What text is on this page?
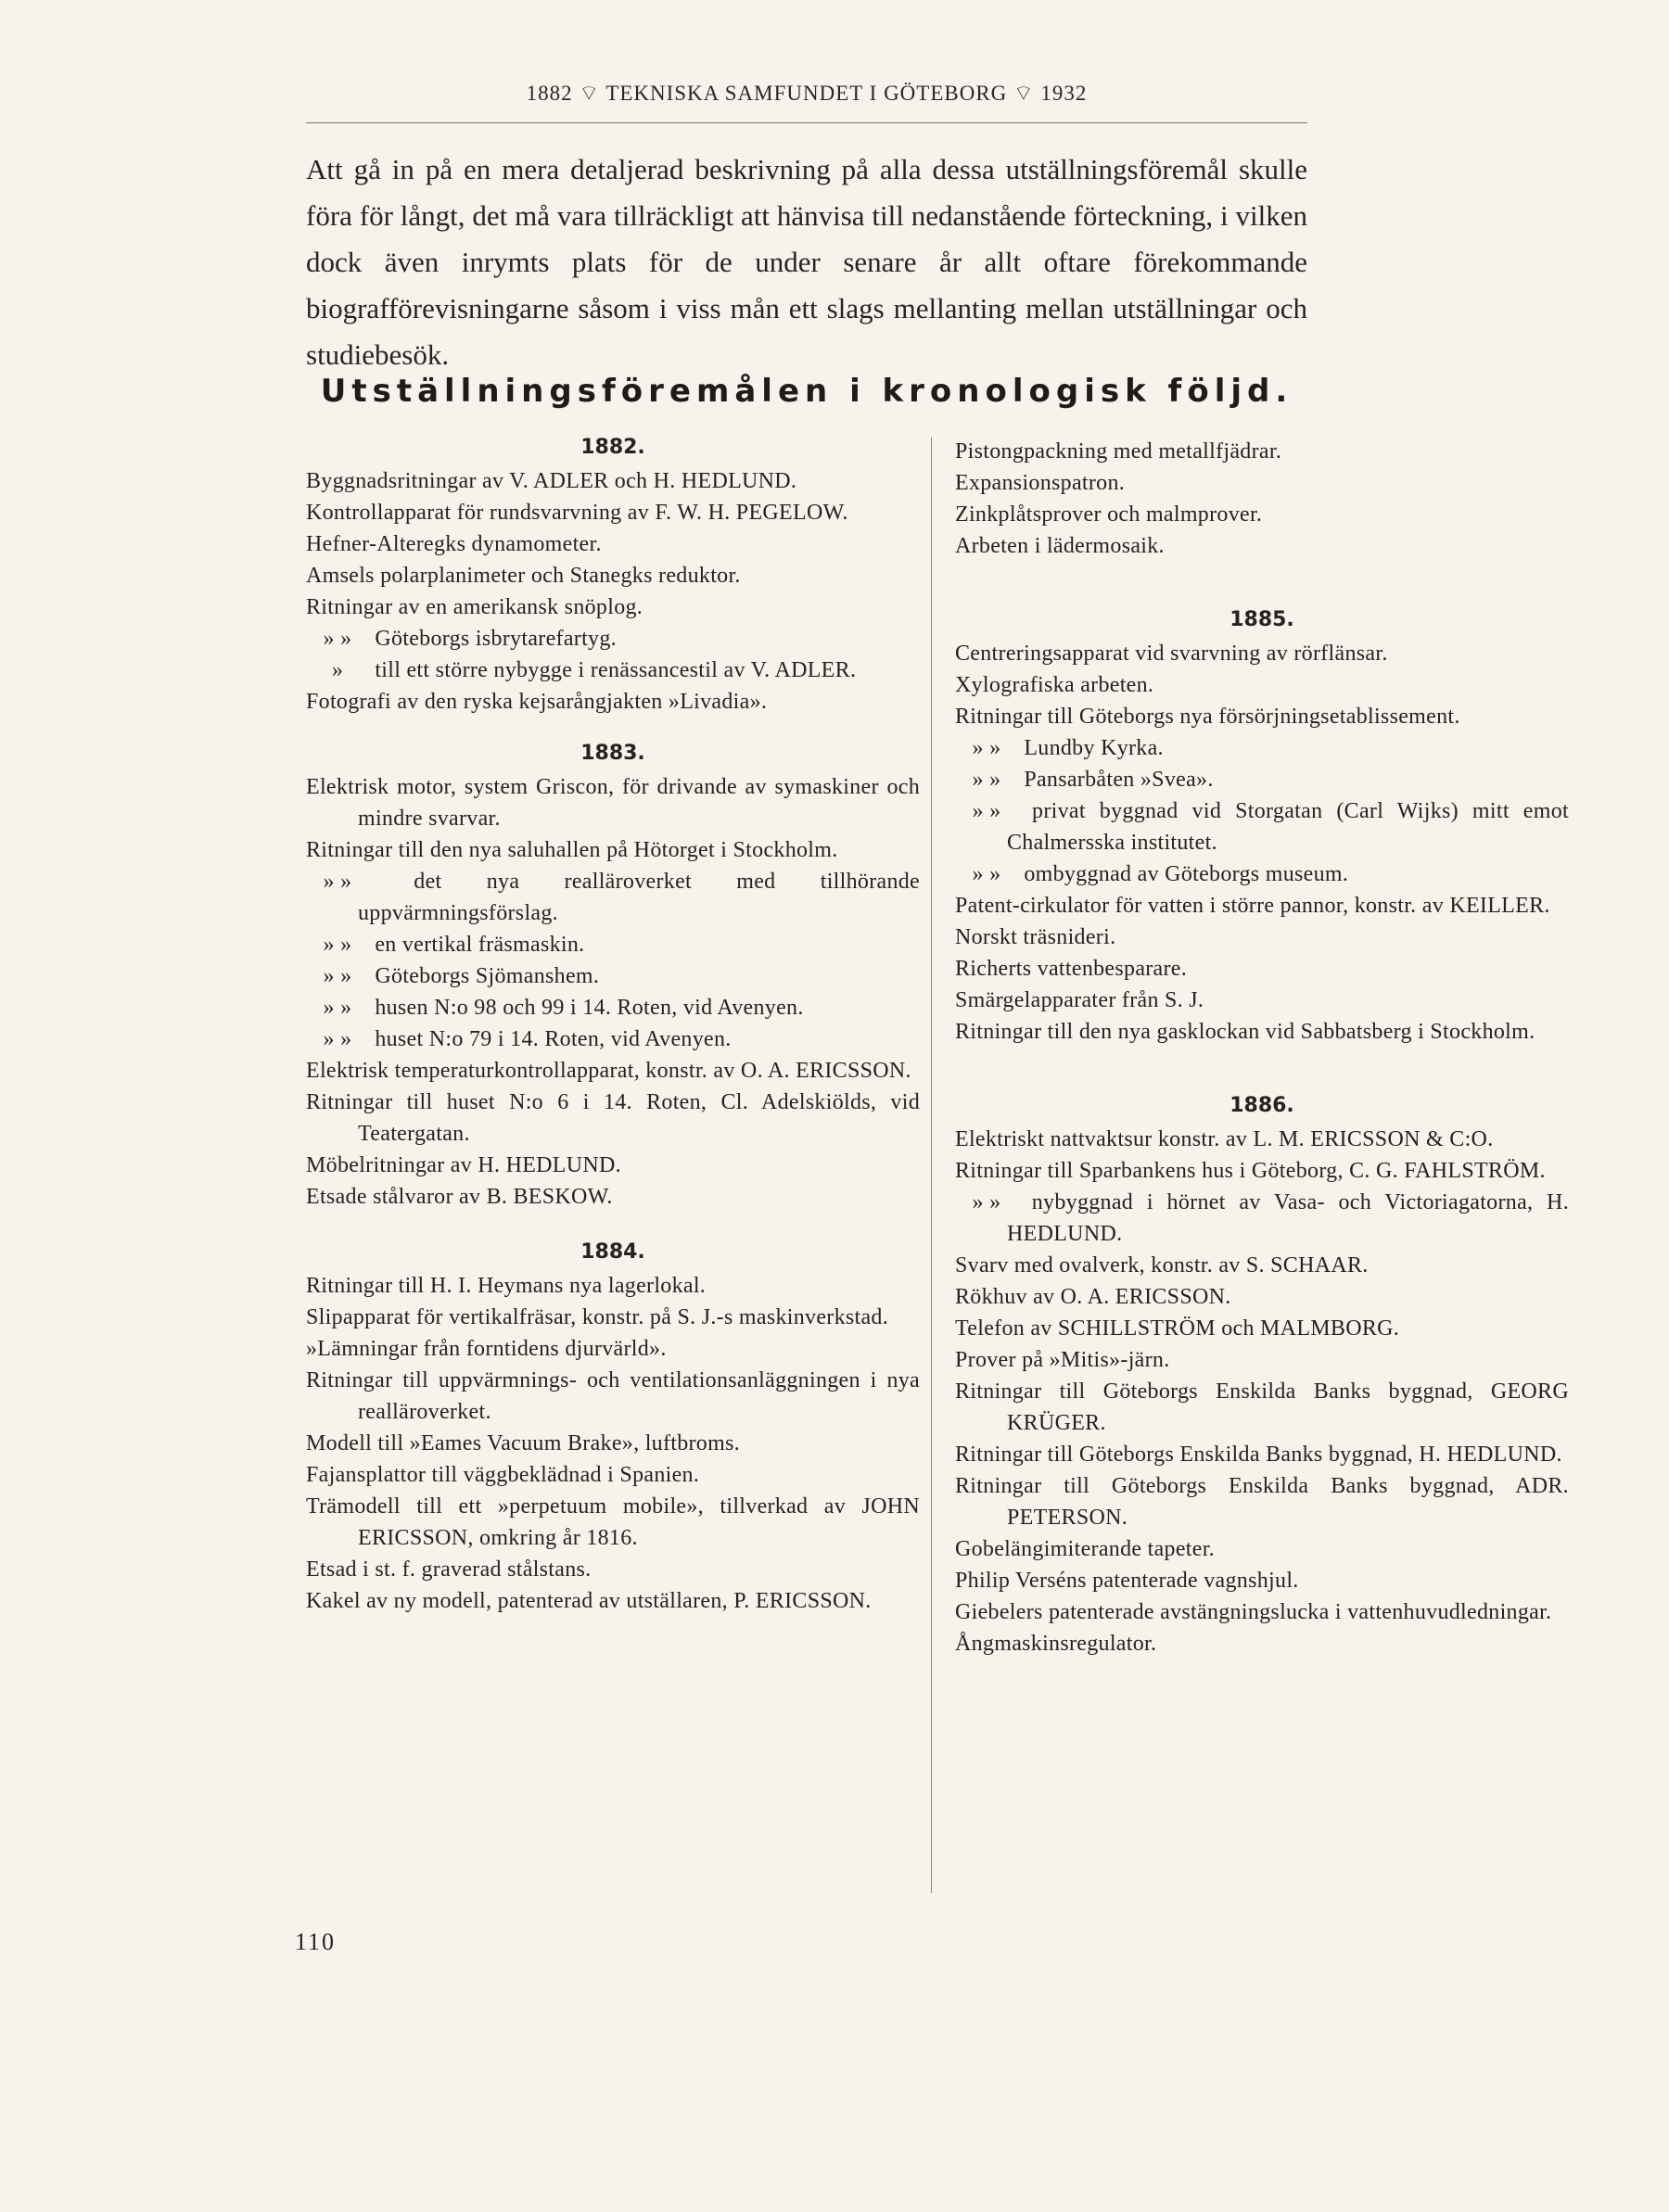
1882 ⌔ TEKNISKA SAMFUNDET I GÖTEBORG ⌔ 1932

Att gå in på en mera detaljerad beskrivning på alla dessa utställningsföremål skulle föra för långt, det må vara tillräckligt att hänvisa till nedanstående förteckning, i vilken dock även inrymts plats för de under senare år allt oftare förekommande biografförevisningarne såsom i viss mån ett slags mellanting mellan utställningar och studiebesök.

Utställningsföremålen i kronologisk följd.
1882.
Byggnadsritningar av V. ADLER och H. HEDLUND.
Kontrollapparat för rundsvarvning av F. W. H. PEGELOW.
Hefner-Alteregks dynamometer.
Amsels polarplanimeter och Stanegks reduktor.
Ritningar av en amerikansk snöplog.
» » Göteborgs isbrytarefartyg.
» till ett större nybygge i renässancestil av V. ADLER.
Fotografi av den ryska kejsarångjakten »Livadia».
1883.
Elektrisk motor, system Griscon, för drivande av symaskiner och mindre svarvar.
Ritningar till den nya saluhallen på Hötorget i Stockholm.
» »	det nya realläroverket med tillhörande uppvärmningsförslag.
» » en vertikal fräsmaskin.
» » Göteborgs Sjömanshem.
» » husen N:o 98 och 99 i 14. Roten, vid Avenyen.
» » huset N:o 79 i 14. Roten, vid Avenyen.
Elektrisk temperaturkontrollapparat, konstr. av O. A. ERICSSON.
Ritningar till huset N:o 6 i 14. Roten, Cl. Adelskiölds, vid Teatergatan.
Möbelritningar av H. HEDLUND.
Etsade stålvaror av B. BESKOW.
1884.
Ritningar till H. I. Heymans nya lagerlokal.
Slipapparat för vertikalfräsar, konstr. på S. J.-s maskinverkstad.
»Lämningar från forntidens djurvärld».
Ritningar till uppvärmnings- och ventilationsanläggningen i nya realläroverket.
Modell till »Eames Vacuum Brake», luftbroms.
Fajansplattor till väggbeklädnad i Spanien.
Trämodell till ett »perpetuum mobile», tillverkad av JOHN ERICSSON, omkring år 1816.
Etsad i st. f. graverad stålstans.
Kakel av ny modell, patenterad av utställaren, P. ERICSSON.
Pistongpackning med metallfjädrar.
Expansionspatron.
Zinkplåtsprover och malmprover.
Arbeten i lädermosaik.
1885.
Centreringsapparat vid svarvning av rörflänsar.
Xylografiska arbeten.
Ritningar till Göteborgs nya försörjningsetablissement.
» » Lundby Kyrka.
» » Pansarbåten »Svea».
» » privat byggnad vid Storgatan (Carl Wijks) mitt emot Chalmersska institutet.
» » ombyggnad av Göteborgs museum.
Patent-cirkulator för vatten i större pannor, konstr. av KEILLER.
Norskt träsnideri.
Richerts vattenbesparare.
Smärgelapparater från S. J.
Ritningar till den nya gasklockan vid Sabbatsberg i Stockholm.
1886.
Elektriskt nattvaktsur konstr. av L. M. ERICSSON & C:O.
Ritningar till Sparbankens hus i Göteborg, C. G. FAHLSTRÖM.
» » nybyggnad i hörnet av Vasa- och Victoriagatorna, H. HEDLUND.
Svarv med ovalverk, konstr. av S. SCHAAR.
Rökhuv av O. A. ERICSSON.
Telefon av SCHILLSTRÖM och MALMBORG.
Prover på »Mitis»-järn.
Ritningar till Göteborgs Enskilda Banks byggnad, GEORG KRÜGER.
Ritningar till Göteborgs Enskilda Banks byggnad, H. HEDLUND.
Ritningar till Göteborgs Enskilda Banks byggnad, ADR. PETERSON.
Gobelängimiterande tapeter.
Philip Verséns patenterade vagnshjul.
Giebelers patenterade avstängningslucka i vattenhuvudledningar.
Ångmaskinsregulator.
110
